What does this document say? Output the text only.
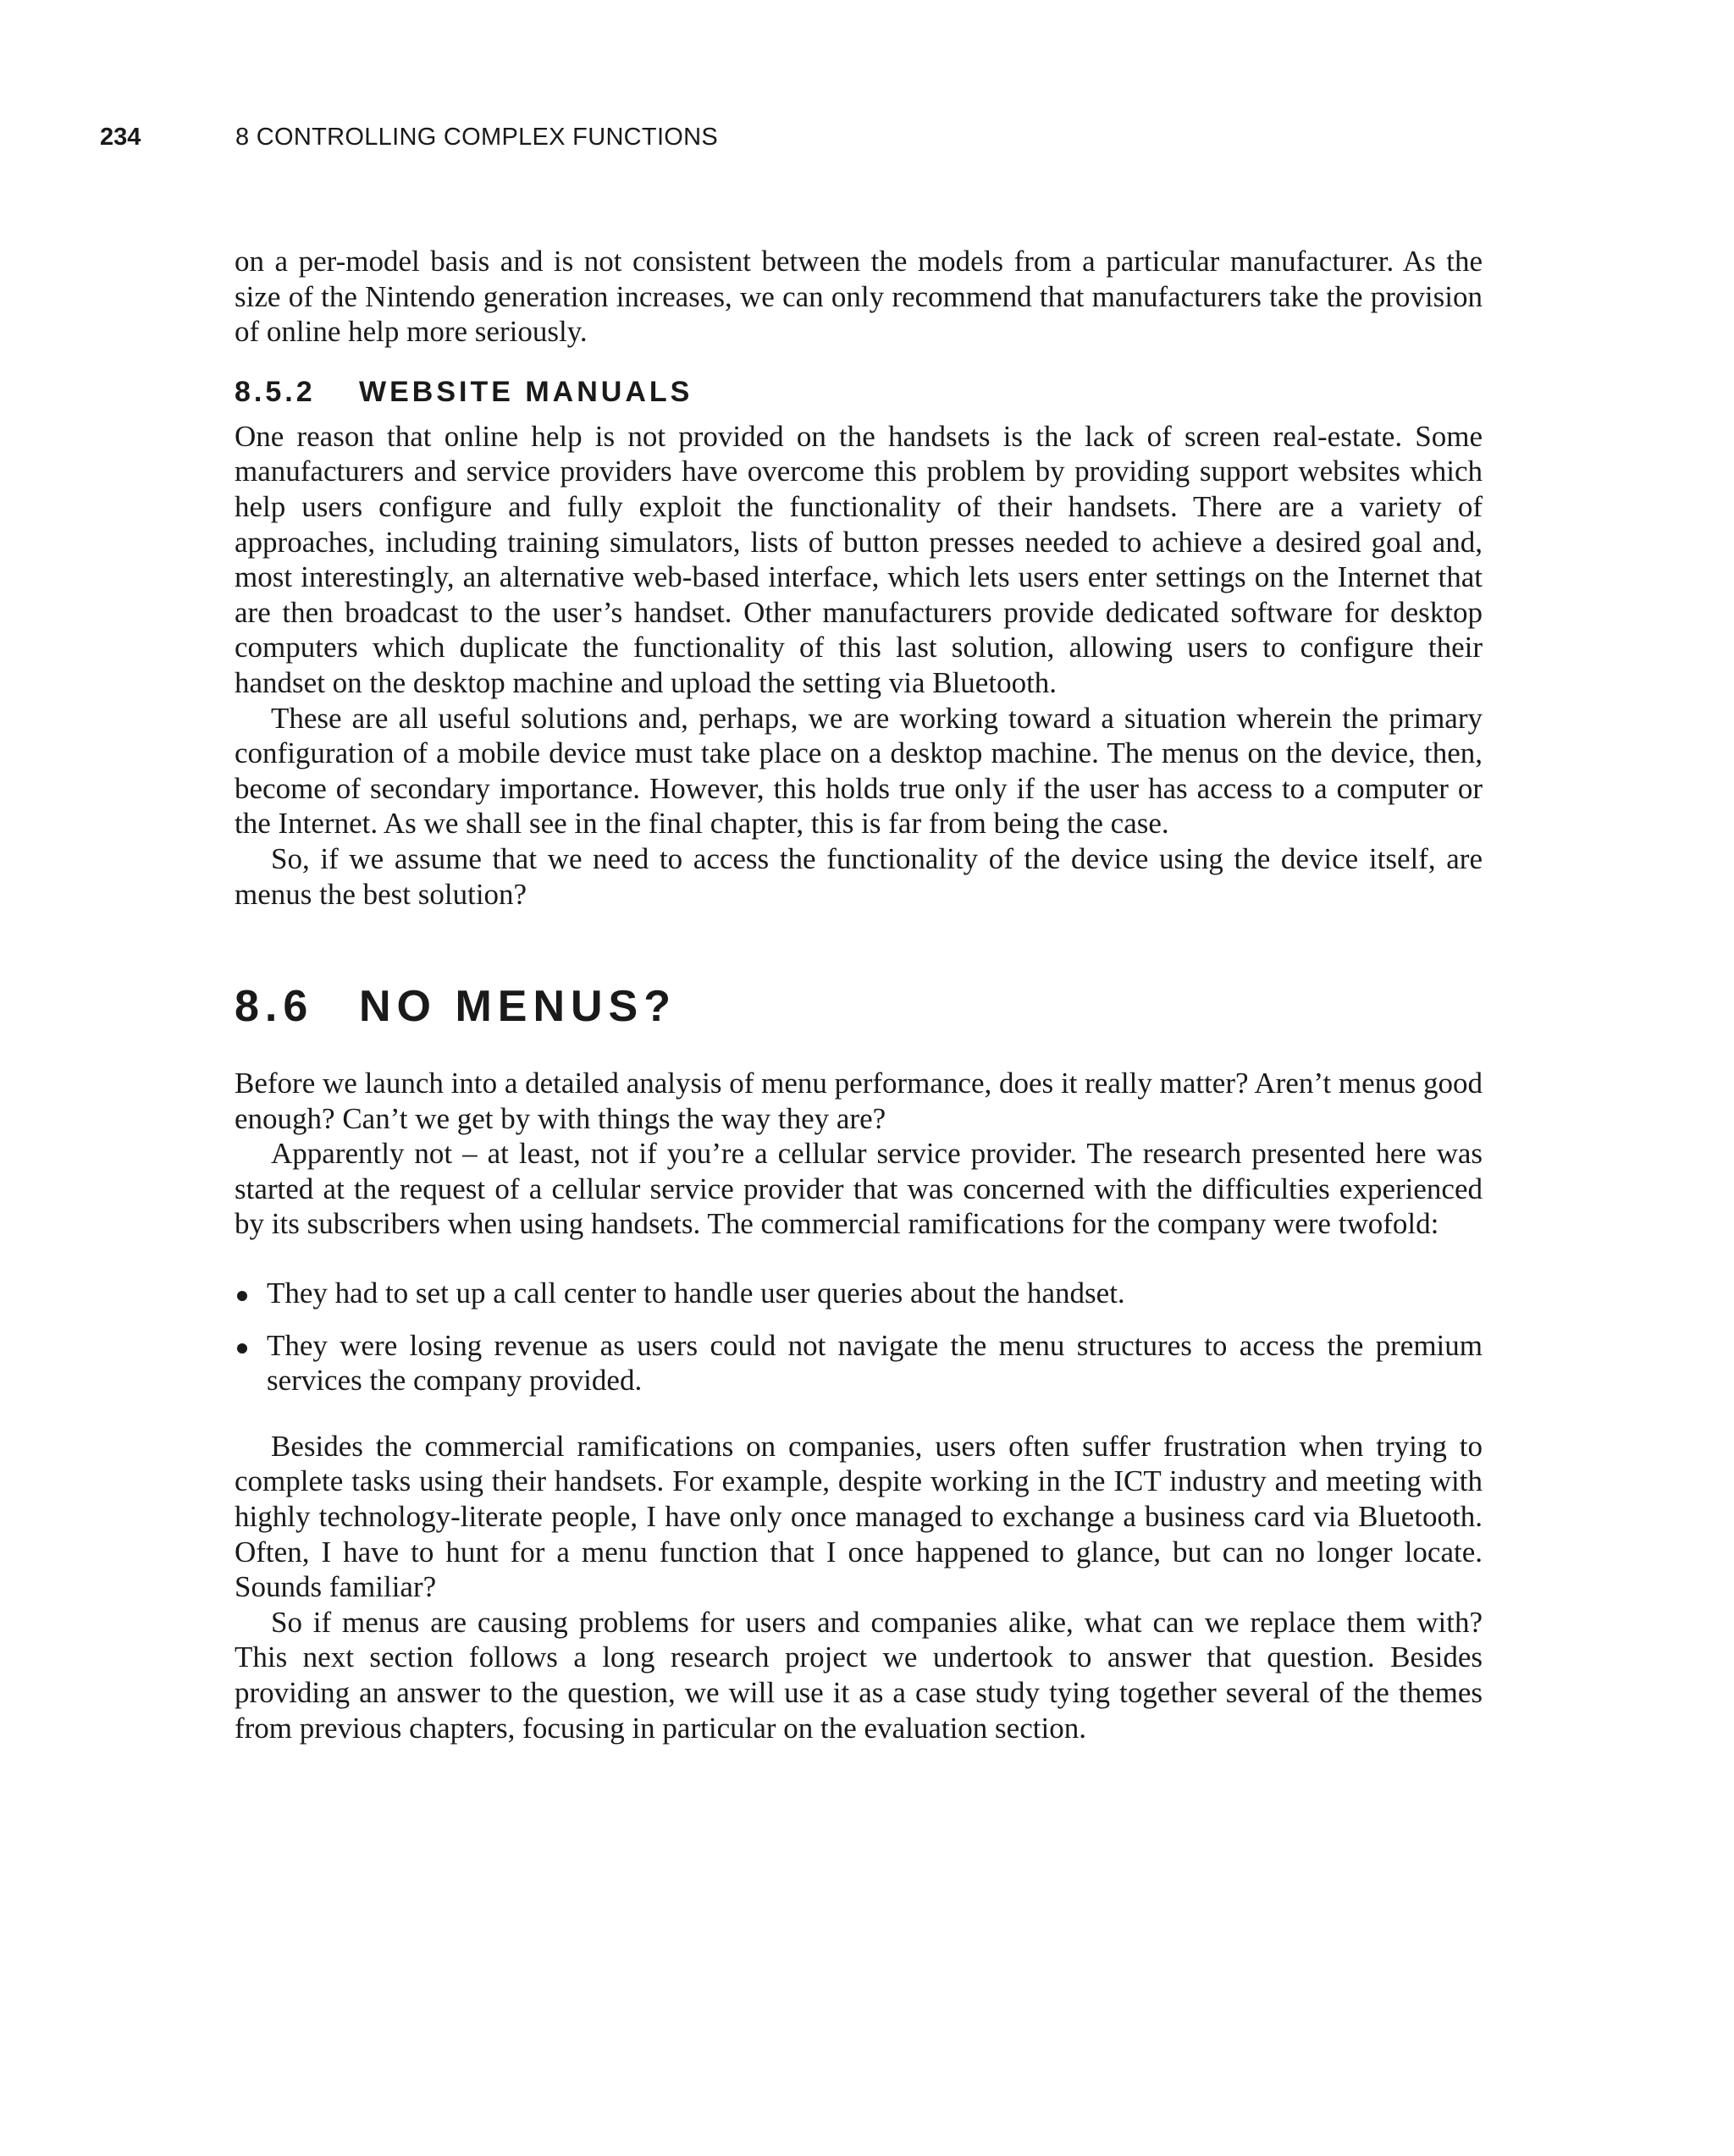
234	8 CONTROLLING COMPLEX FUNCTIONS

on a per-model basis and is not consistent between the models from a particular manufacturer. As the size of the Nintendo generation increases, we can only recommend that manufacturers take the provision of online help more seriously.

8.5.2 WEBSITE MANUALS

One reason that online help is not provided on the handsets is the lack of screen real-estate. Some manufacturers and service providers have overcome this problem by providing support websites which help users configure and fully exploit the functionality of their handsets. There are a variety of approaches, including training simulators, lists of button presses needed to achieve a desired goal and, most interestingly, an alternative web-based interface, which lets users enter settings on the Internet that are then broadcast to the user’s handset. Other manufacturers provide dedicated software for desktop computers which duplicate the functionality of this last solution, allowing users to configure their handset on the desktop machine and upload the setting via Bluetooth.

These are all useful solutions and, perhaps, we are working toward a situation wherein the primary configuration of a mobile device must take place on a desktop machine. The menus on the device, then, become of secondary importance. However, this holds true only if the user has access to a computer or the Internet. As we shall see in the final chapter, this is far from being the case.

So, if we assume that we need to access the functionality of the device using the device itself, are menus the best solution?

8.6 NO MENUS?

Before we launch into a detailed analysis of menu performance, does it really matter? Aren’t menus good enough? Can’t we get by with things the way they are?

Apparently not – at least, not if you’re a cellular service provider. The research presented here was started at the request of a cellular service provider that was concerned with the difficulties experienced by its subscribers when using handsets. The commercial ramifications for the company were twofold:

They had to set up a call center to handle user queries about the handset.
They were losing revenue as users could not navigate the menu structures to access the premium services the company provided.

Besides the commercial ramifications on companies, users often suffer frustration when trying to complete tasks using their handsets. For example, despite working in the ICT industry and meeting with highly technology-literate people, I have only once managed to exchange a business card via Bluetooth. Often, I have to hunt for a menu function that I once happened to glance, but can no longer locate. Sounds familiar?

So if menus are causing problems for users and companies alike, what can we replace them with? This next section follows a long research project we undertook to answer that question. Besides providing an answer to the question, we will use it as a case study tying together several of the themes from previous chapters, focusing in particular on the evaluation section.
